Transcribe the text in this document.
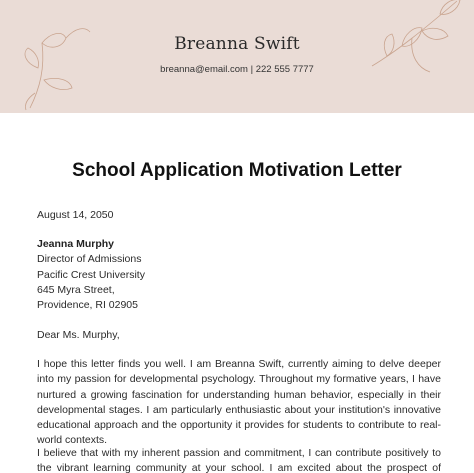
Breanna Swift
breanna@email.com | 222 555 7777
School Application Motivation Letter
August 14, 2050
Jeanna Murphy
Director of Admissions
Pacific Crest University
645 Myra Street,
Providence, RI 02905
Dear Ms. Murphy,
I hope this letter finds you well. I am Breanna Swift, currently aiming to delve deeper
into my passion for developmental psychology. Throughout my formative years, I have
nurtured a growing fascination for understanding human behavior, especially in their
developmental stages. I am particularly enthusiastic about your institution's innovative
educational approach and the opportunity it provides for students to contribute to real-
world contexts.
I believe that with my inherent passion and commitment, I can contribute positively to
the vibrant learning community at your school. I am excited about the prospect of
